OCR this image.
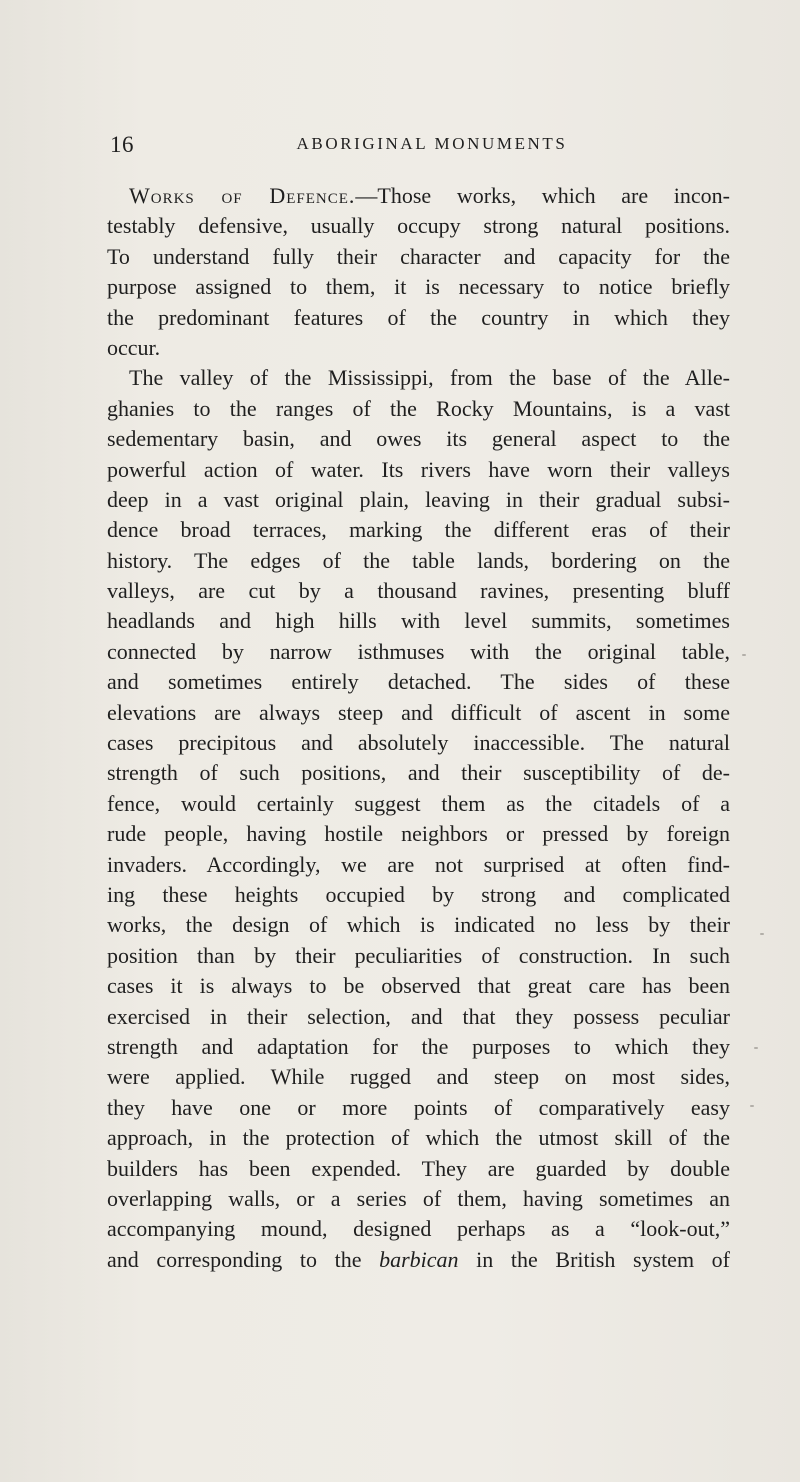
16	ABORIGINAL MONUMENTS
Works of Defence.—Those works, which are incon-
testably defensive, usually occupy strong natural positions.
To understand fully their character and capacity for the
purpose assigned to them, it is necessary to notice briefly
the predominant features of the country in which they
occur.
The valley of the Mississippi, from the base of the Alle-
ghanies to the ranges of the Rocky Mountains, is a vast
sedementary basin, and owes its general aspect to the
powerful action of water. Its rivers have worn their valleys
deep in a vast original plain, leaving in their gradual subsi-
dence broad terraces, marking the different eras of their
history. The edges of the table lands, bordering on the
valleys, are cut by a thousand ravines, presenting bluff
headlands and high hills with level summits, sometimes
connected by narrow isthmuses with the original table,
and sometimes entirely detached. The sides of these
elevations are always steep and difficult of ascent in some
cases precipitous and absolutely inaccessible. The natural
strength of such positions, and their susceptibility of de-
fence, would certainly suggest them as the citadels of a
rude people, having hostile neighbors or pressed by foreign
invaders. Accordingly, we are not surprised at often find-
ing these heights occupied by strong and complicated
works, the design of which is indicated no less by their
position than by their peculiarities of construction. In such
cases it is always to be observed that great care has been
exercised in their selection, and that they possess peculiar
strength and adaptation for the purposes to which they
were applied. While rugged and steep on most sides,
they have one or more points of comparatively easy
approach, in the protection of which the utmost skill of the
builders has been expended. They are guarded by double
overlapping walls, or a series of them, having sometimes an
accompanying mound, designed perhaps as a “look-out,”
and corresponding to the barbican in the British system of
